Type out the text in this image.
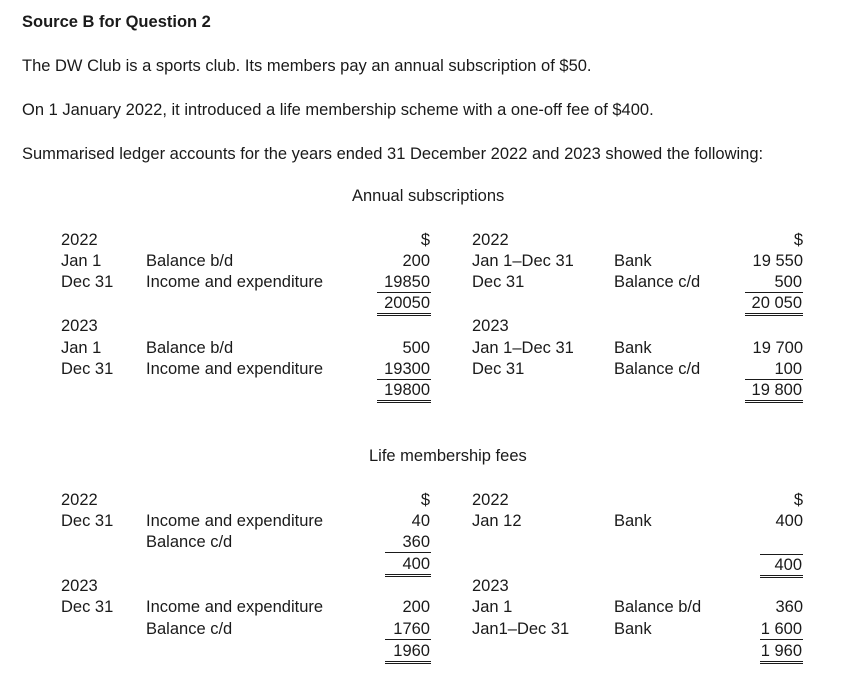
Source B for Question 2
The DW Club is a sports club. Its members pay an annual subscription of $50.
On 1 January 2022, it introduced a life membership scheme with a one-off fee of $400.
Summarised ledger accounts for the years ended 31 December 2022 and 2023 showed the following:
Annual subscriptions
2022	$
Jan 1	Balance b/d	200
Dec 31 Income and expenditure	19850
20050
2023
Jan 1	Balance b/d	500
Dec 31 Income and expenditure	19300
19800
2022	$
Jan 1–Dec 31 Bank	19 550
Dec 31	Balance c/d	500
20 050
2023
Jan 1–Dec 31 Bank	19 700
Dec 31	Balance c/d	100
19 800
Life membership fees
2022	$
Dec 31 Income and expenditure	40
Balance c/d	360
400
2023
Dec 31 Income and expenditure	200
Balance c/d	1760
1960
2022	$
Jan 12	Bank	400
400
2023
Jan 1	Balance b/d	360
Jan1–Dec 31	Bank	1 600
1 960
